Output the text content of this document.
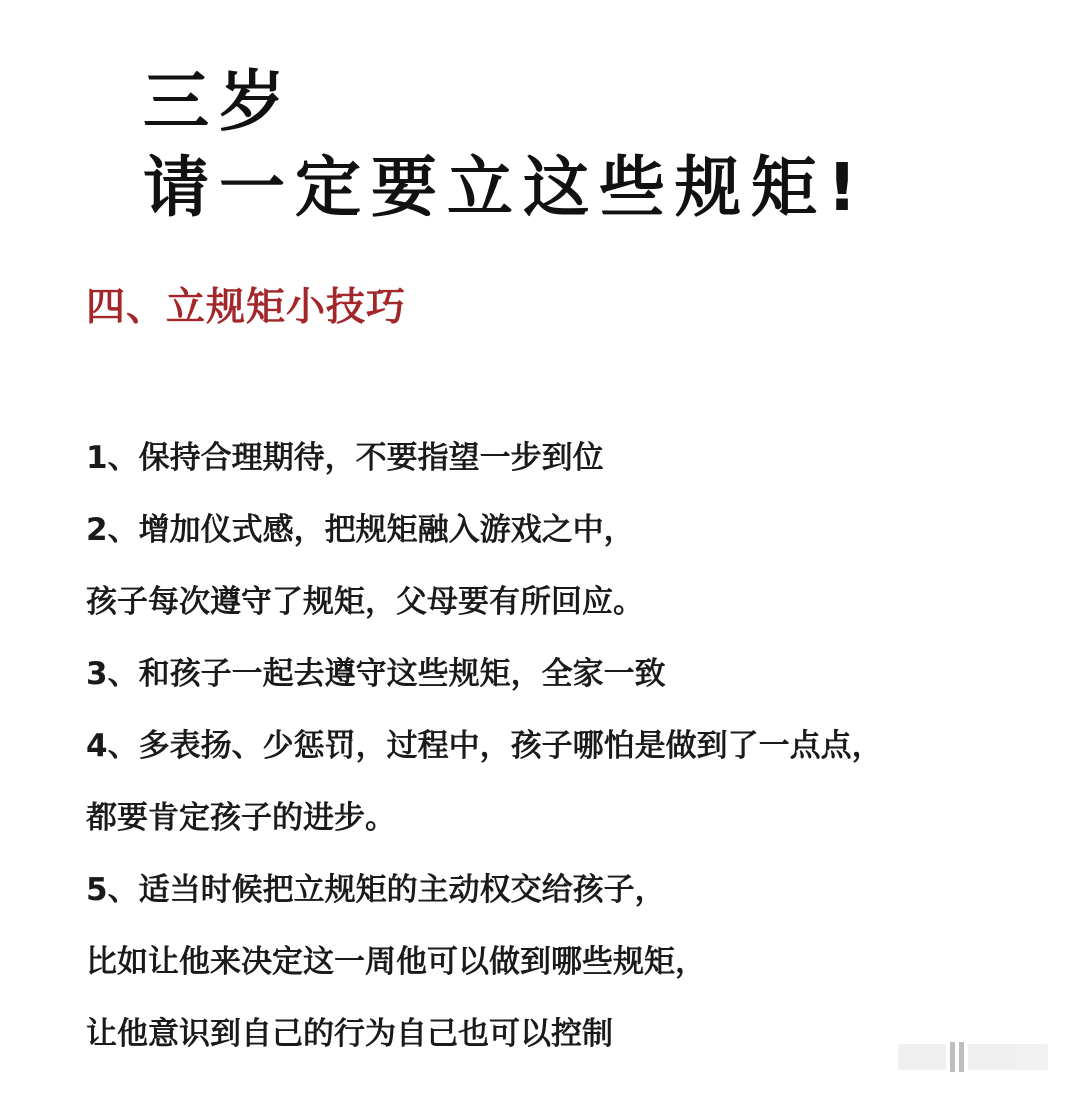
三岁
请一定要立这些规矩!
四、立规矩小技巧
1、保持合理期待，不要指望一步到位
2、增加仪式感，把规矩融入游戏之中，
孩子每次遵守了规矩，父母要有所回应。
3、和孩子一起去遵守这些规矩，全家一致
4、多表扬、少惩罚，过程中，孩子哪怕是做到了一点点，
都要肯定孩子的进步。
5、适当时候把立规矩的主动权交给孩子，
比如让他来决定这一周他可以做到哪些规矩，
让他意识到自己的行为自己也可以控制
